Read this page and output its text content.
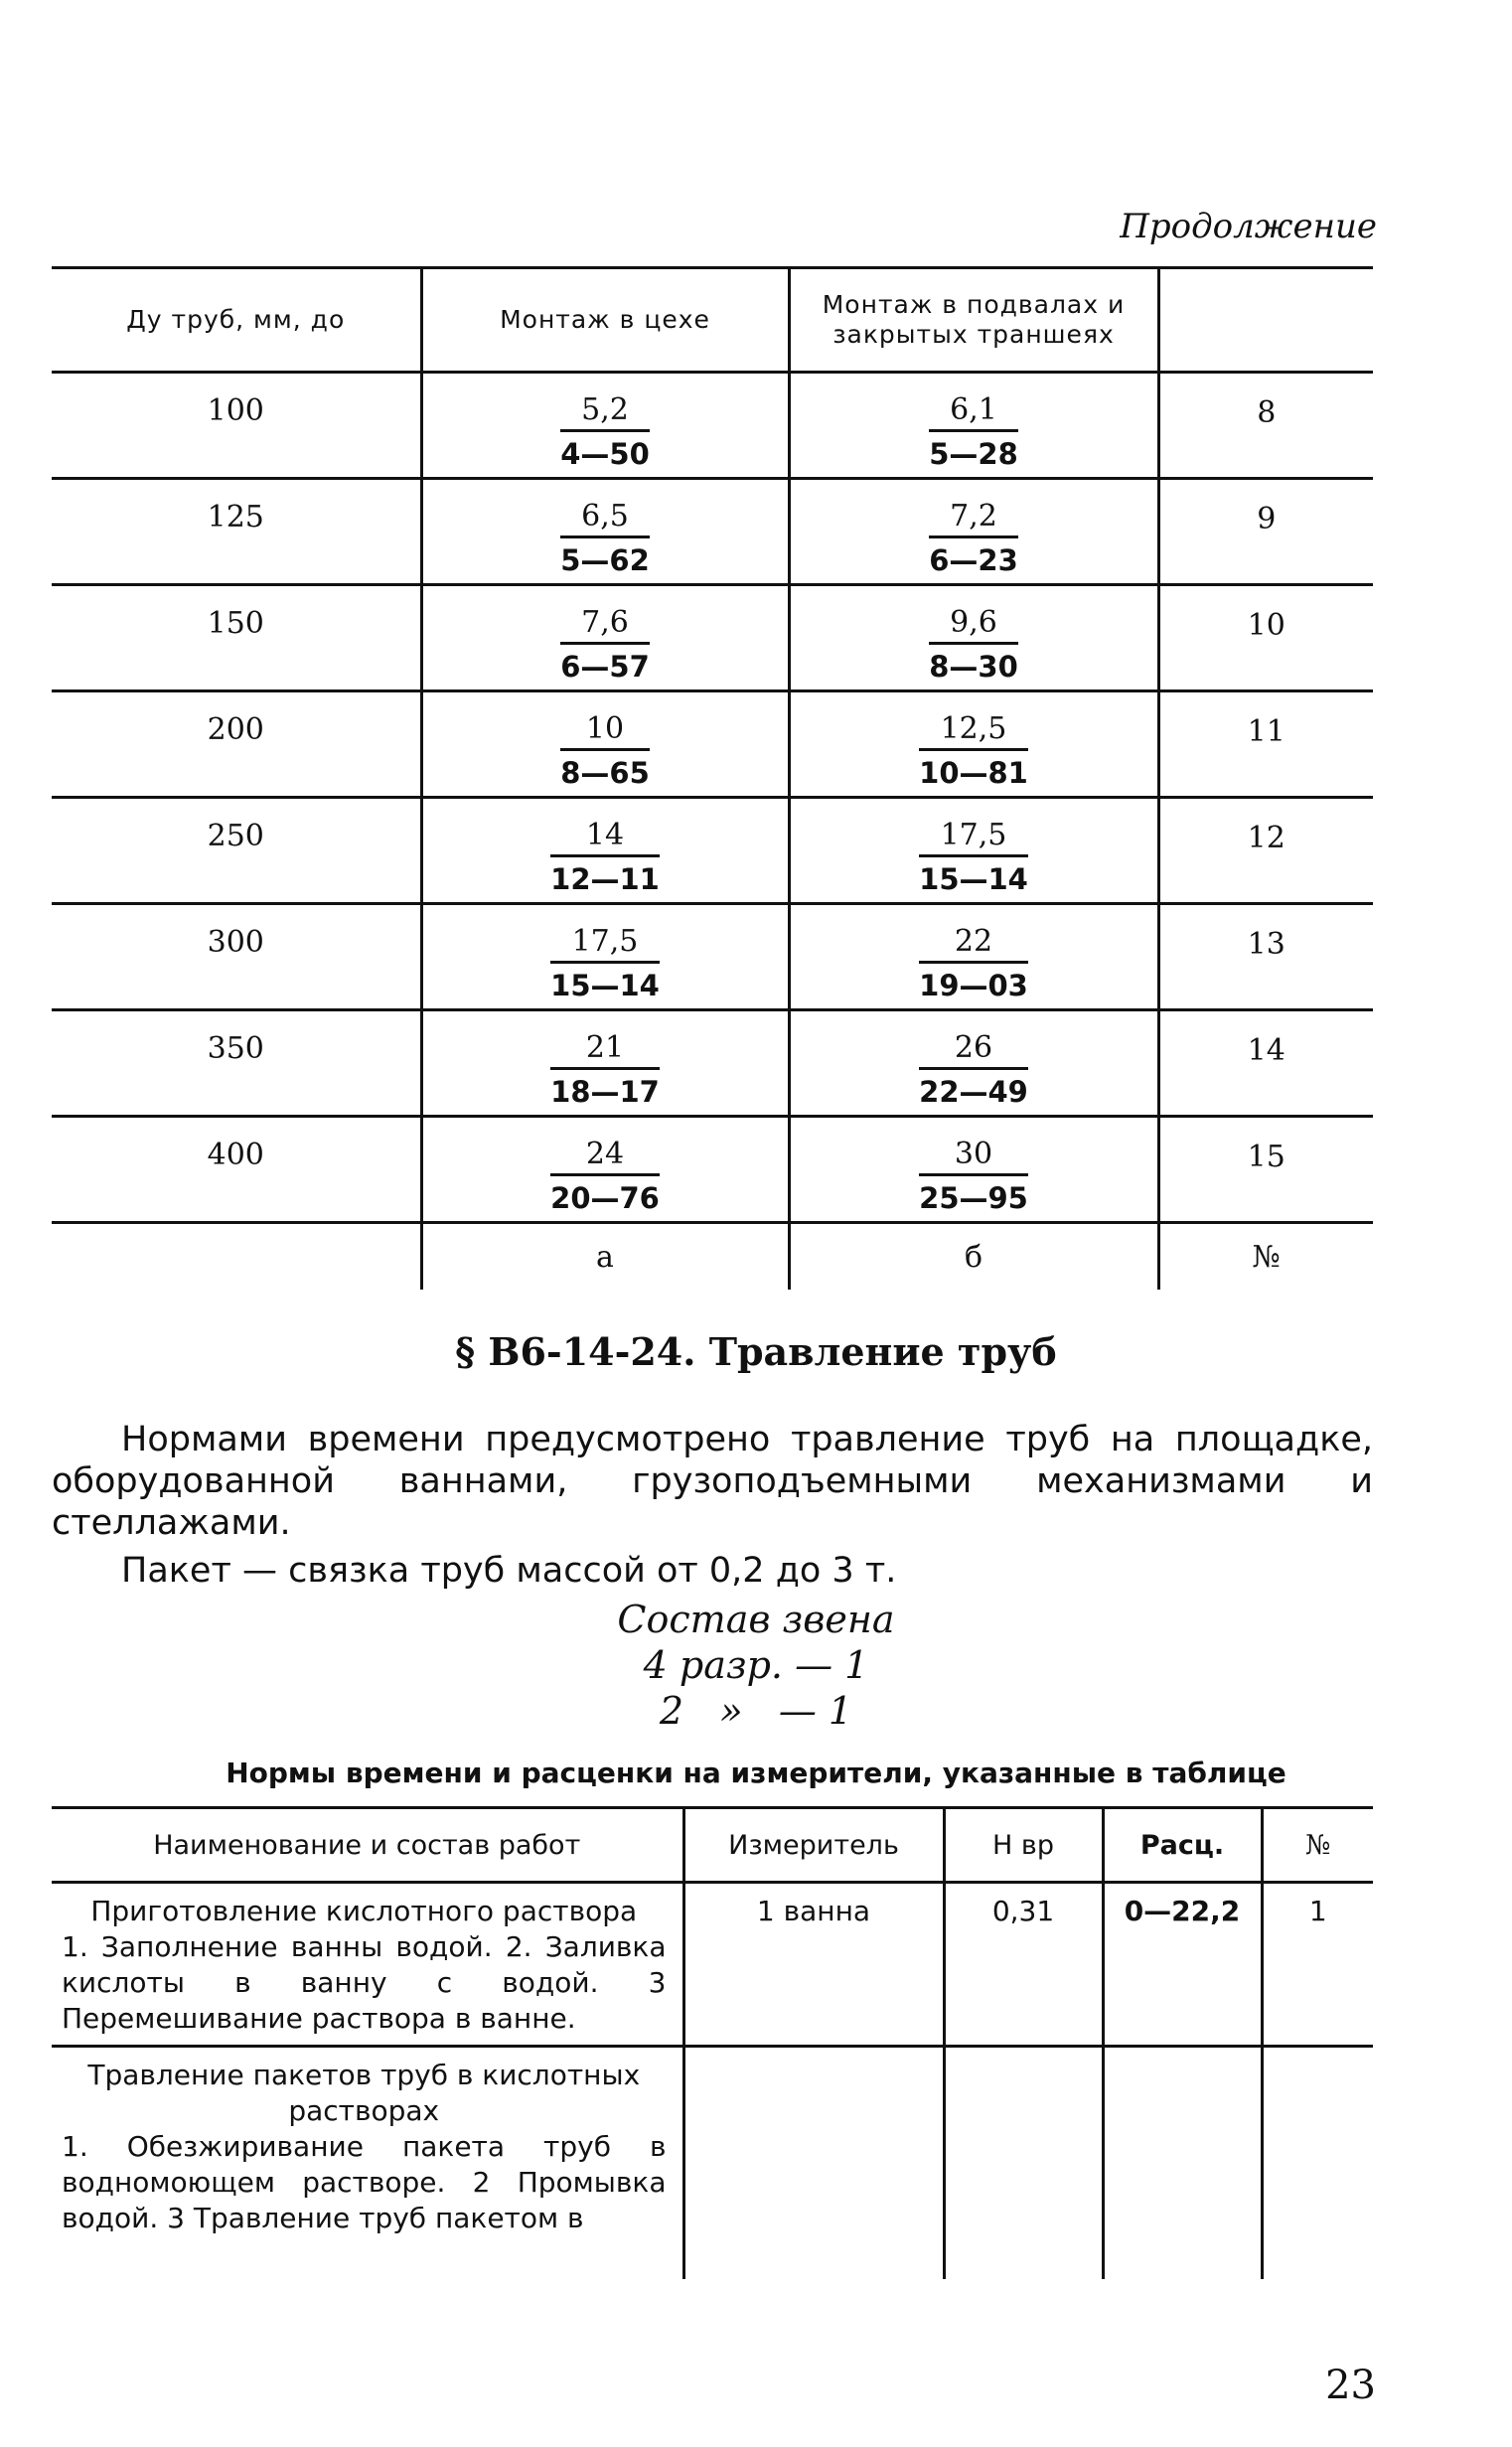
Продолжение
Ду труб, мм, до	Монтаж в цехе	Монтаж в подвалах и закрытых траншеях	
100	$\frac{5,2}{4—50}$	$\frac{6,1}{5—28}$	8
125	$\frac{6,5}{5—62}$	$\frac{7,2}{6—23}$	9
150	$\frac{7,6}{6—57}$	$\frac{9,6}{8—30}$	10
200	$\frac{10}{8—65}$	$\frac{12,5}{10—81}$	11
250	$\frac{14}{12—11}$	$\frac{17,5}{15—14}$	12
300	$\frac{17,5}{15—14}$	$\frac{22}{19—03}$	13
350	$\frac{21}{18—17}$	$\frac{26}{22—49}$	14
400	$\frac{24}{20—76}$	$\frac{30}{25—95}$	15
	а	б	№
§ В6-14-24. Травление труб
Нормами времени предусмотрено травление труб на площадке, оборудованной ваннами, грузоподъемными механизмами и стеллажами.
Пакет — связка труб массой от 0,2 до 3 т.
Состав звена
4 разр. — 1
2   »   — 1
Нормы времени и расценки на измерители, указанные в таблице
Наименование и состав работ	Измеритель	Н вр	Расц.	№

Приготовление кислотного раствора
1. Заполнение ванны водой. 2. Заливка кислоты в ванну с водой. 3 Перемешивание раствора в ванне.	1 ванна	0,31	0—22,2	1

Травление пакетов труб в кислотных растворах
1. Обезжиривание пакета труб в водномоющем растворе. 2 Промывка водой. 3 Травление труб пакетом в				

23
